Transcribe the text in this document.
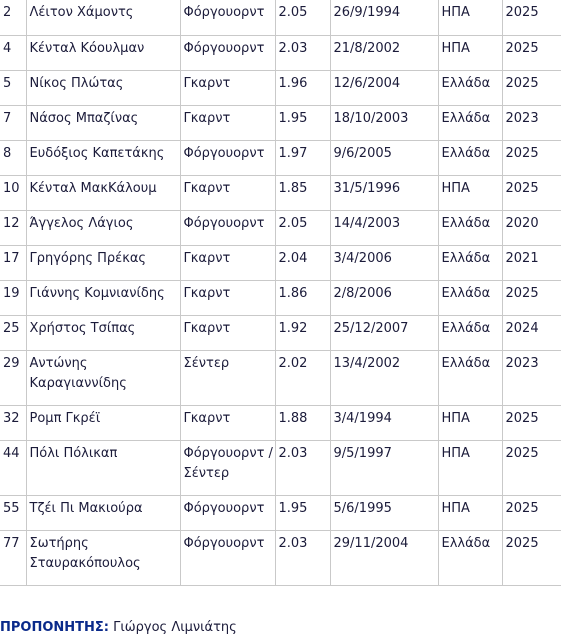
2	Λέιτον Χάμοντς	Φόργουορντ	2.05	26/9/1994	ΗΠΑ	2025
4	Κένταλ Κόουλμαν	Φόργουορντ	2.03	21/8/2002	ΗΠΑ	2025
5	Νίκος Πλώτας	Γκαρντ	1.96	12/6/2004	Ελλάδα	2025
7	Νάσος Μπαζίνας	Γκαρντ	1.95	18/10/2003	Ελλάδα	2023
8	Ευδόξιος Καπετάκης	Φόργουορντ	1.97	9/6/2005	Ελλάδα	2025
10	Κένταλ ΜακΚάλουμ	Γκαρντ	1.85	31/5/1996	ΗΠΑ	2025
12	Άγγελος Λάγιος	Φόργουορντ	2.05	14/4/2003	Ελλάδα	2020
17	Γρηγόρης Πρέκας	Γκαρντ	2.04	3/4/2006	Ελλάδα	2021
19	Γιάννης Κομνιανίδης	Γκαρντ	1.86	2/8/2006	Ελλάδα	2025
25	Χρήστος Τσίπας	Γκαρντ	1.92	25/12/2007	Ελλάδα	2024
29	Αντώνης Καραγιαννίδης	Σέντερ	2.02	13/4/2002	Ελλάδα	2023
32	Ρομπ Γκρέϊ	Γκαρντ	1.88	3/4/1994	ΗΠΑ	2025
44	Πόλι Πόλικαπ	Φόργουορντ / Σέντερ	2.03	9/5/1997	ΗΠΑ	2025
55	Τζέι Πι Μακιούρα	Φόργουορντ	1.95	5/6/1995	ΗΠΑ	2025
77	Σωτήρης Σταυρακόπουλος	Φόργουορντ	2.03	29/11/2004	Ελλάδα	2025
ΠΡΟΠΟΝΗΤΗΣ: Γιώργος Λιμνιάτης
